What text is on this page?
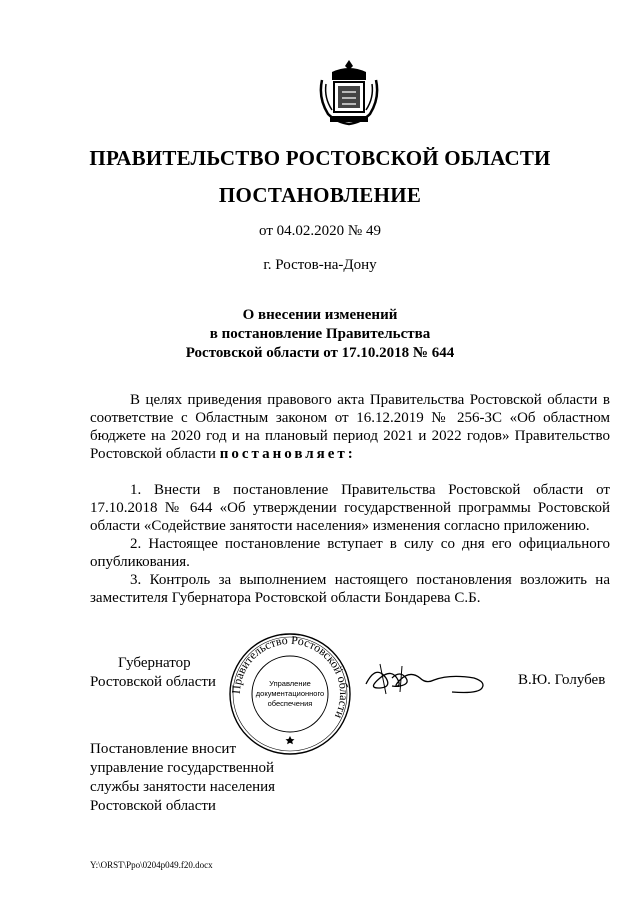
ПРАВИТЕЛЬСТВО РОСТОВСКОЙ ОБЛАСТИ
ПОСТАНОВЛЕНИЕ
от 04.02.2020 № 49
г. Ростов-на-Дону
О внесении изменений
в постановление Правительства
Ростовской области от 17.10.2018 № 644
В целях приведения правового акта Правительства Ростовской области в соответствие с Областным законом от 16.12.2019 № 256-ЗС «Об областном бюджете на 2020 год и на плановый период 2021 и 2022 годов» Правительство Ростовской области постановляет:
1. Внести в постановление Правительства Ростовской области от 17.10.2018 № 644 «Об утверждении государственной программы Ростовской области «Содействие занятости населения» изменения согласно приложению.
2. Настоящее постановление вступает в силу со дня его официального опубликования.
3. Контроль за выполнением настоящего постановления возложить на заместителя Губернатора Ростовской области Бондарева С.Б.
Губернатор
Ростовской области Правительство Ростовской области
Управление
документационного
обеспечения
В.Ю. Голубев
Постановление вносит
управление государственной
службы занятости населения
Ростовской области
Y:\ORST\Ppo\0204p049.f20.docx
